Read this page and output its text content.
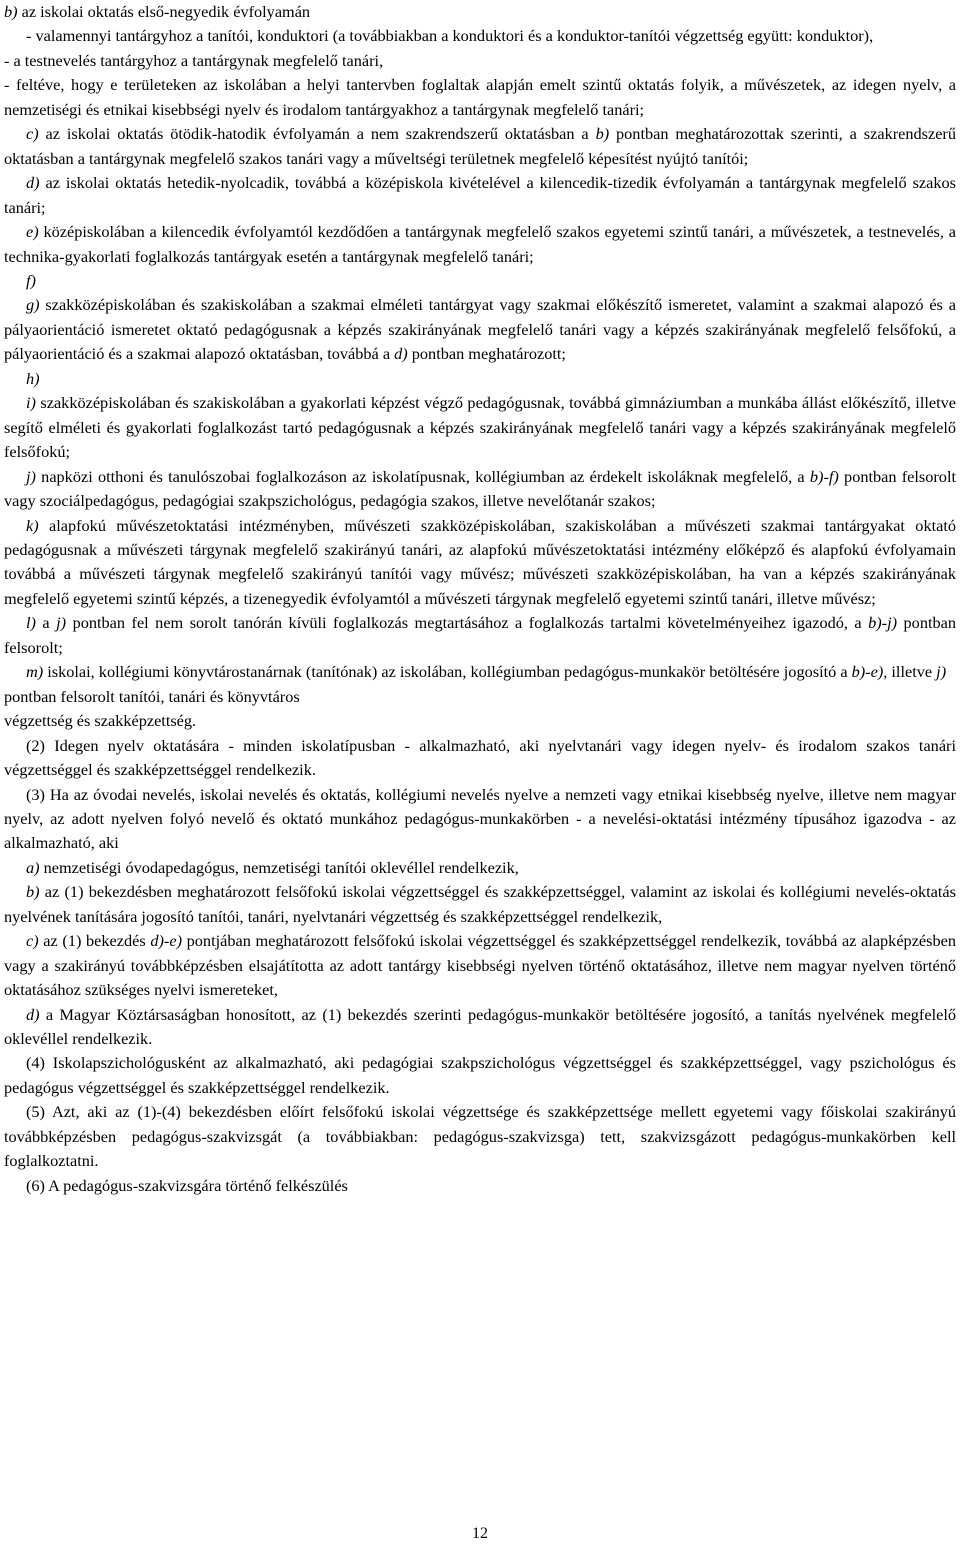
b) az iskolai oktatás első-negyedik évfolyamán

- valamennyi tantárgyhoz a tanítói, konduktori (a továbbiakban a konduktori és a konduktor-tanítói végzettség együtt: konduktor),

- a testnevelés tantárgyhoz a tantárgynak megfelelő tanári,

- feltéve, hogy e területeken az iskolában a helyi tantervben foglaltak alapján emelt szintű oktatás folyik, a művészetek, az idegen nyelv, a nemzetiségi és etnikai kisebbségi nyelv és irodalom tantárgyakhoz a tantárgynak megfelelő tanári;

c) az iskolai oktatás ötödik-hatodik évfolyamán a nem szakrendszerű oktatásban a b) pontban meghatározottak szerinti, a szakrendszerű oktatásban a tantárgynak megfelelő szakos tanári vagy a műveltségi területnek megfelelő képesítést nyújtó tanítói;

d) az iskolai oktatás hetedik-nyolcadik, továbbá a középiskola kivételével a kilencedik-tizedik évfolyamán a tantárgynak megfelelő szakos tanári;

e) középiskolában a kilencedik évfolyamtól kezdődően a tantárgynak megfelelő szakos egyetemi szintű tanári, a művészetek, a testnevelés, a technika-gyakorlati foglalkozás tantárgyak esetén a tantárgynak megfelelő tanári;

f)

g) szakközépiskolában és szakiskolában a szakmai elméleti tantárgyat vagy szakmai előkészítő ismeretet, valamint a szakmai alapozó és a pályaorientáció ismeretet oktató pedagógusnak a képzés szakirányának megfelelő tanári vagy a képzés szakirányának megfelelő felsőfokú, a pályaorientáció és a szakmai alapozó oktatásban, továbbá a d) pontban meghatározott;

h)

i) szakközépiskolában és szakiskolában a gyakorlati képzést végző pedagógusnak, továbbá gimnáziumban a munkába állást előkészítő, illetve segítő elméleti és gyakorlati foglalkozást tartó pedagógusnak a képzés szakirányának megfelelő tanári vagy a képzés szakirányának megfelelő felsőfokú;

j) napközi otthoni és tanulószobai foglalkozáson az iskolatípusnak, kollégiumban az érdekelt iskoláknak megfelelő, a b)-f) pontban felsorolt vagy szociálpedagógus, pedagógiai szakpszichológus, pedagógia szakos, illetve nevelőtanár szakos;

k) alapfokú művészetoktatási intézményben, művészeti szakközépiskolában, szakiskolában a művészeti szakmai tantárgyakat oktató pedagógusnak a művészeti tárgynak megfelelő szakirányú tanári, az alapfokú művészetoktatási intézmény előképző és alapfokú évfolyamain továbbá a művészeti tárgynak megfelelő szakirányú tanítói vagy művész; művészeti szakközépiskolában, ha van a képzés szakirányának megfelelő egyetemi szintű képzés, a tizenegyedik évfolyamtól a művészeti tárgynak megfelelő egyetemi szintű tanári, illetve művész;

l) a j) pontban fel nem sorolt tanórán kívüli foglalkozás megtartásához a foglalkozás tartalmi követelményeihez igazodó, a b)-j) pontban felsorolt;

m) iskolai, kollégiumi könyvtárostanárnak (tanítónak) az iskolában, kollégiumban pedagógus-munkakör betöltésére jogosító a b)-e), illetve j) pontban felsorolt tanítói, tanári és könyvtáros
végzettség és szakképzettség.

(2) Idegen nyelv oktatására - minden iskolatípusban - alkalmazható, aki nyelvtanári vagy idegen nyelv- és irodalom szakos tanári végzettséggel és szakképzettséggel rendelkezik.

(3) Ha az óvodai nevelés, iskolai nevelés és oktatás, kollégiumi nevelés nyelve a nemzeti vagy etnikai kisebbség nyelve, illetve nem magyar nyelv, az adott nyelven folyó nevelő és oktató munkához pedagógus-munkakörben - a nevelési-oktatási intézmény típusához igazodva - az alkalmazható, aki

a) nemzetiségi óvodapedagógus, nemzetiségi tanítói oklevéllel rendelkezik,

b) az (1) bekezdésben meghatározott felsőfokú iskolai végzettséggel és szakképzettséggel, valamint az iskolai és kollégiumi nevelés-oktatás nyelvének tanítására jogosító tanítói, tanári, nyelvtanári végzettség és szakképzettséggel rendelkezik,

c) az (1) bekezdés d)-e) pontjában meghatározott felsőfokú iskolai végzettséggel és szakképzettséggel rendelkezik, továbbá az alapképzésben vagy a szakirányú továbbképzésben elsajátította az adott tantárgy kisebbségi nyelven történő oktatásához, illetve nem magyar nyelven történő oktatásához szükséges nyelvi ismereteket,

d) a Magyar Köztársaságban honosított, az (1) bekezdés szerinti pedagógus-munkakör betöltésére jogosító, a tanítás nyelvének megfelelő oklevéllel rendelkezik.

(4) Iskolapszichológusként az alkalmazható, aki pedagógiai szakpszichológus végzettséggel és szakképzettséggel, vagy pszichológus és pedagógus végzettséggel és szakképzettséggel rendelkezik.

(5) Azt, aki az (1)-(4) bekezdésben előírt felsőfokú iskolai végzettsége és szakképzettsége mellett egyetemi vagy főiskolai szakirányú továbbképzésben pedagógus-szakvizsgát (a továbbiakban: pedagógus-szakvizsga) tett, szakvizsgázott pedagógus-munkakörben kell foglalkoztatni.

(6) A pedagógus-szakvizsgára történő felkészülés

12
